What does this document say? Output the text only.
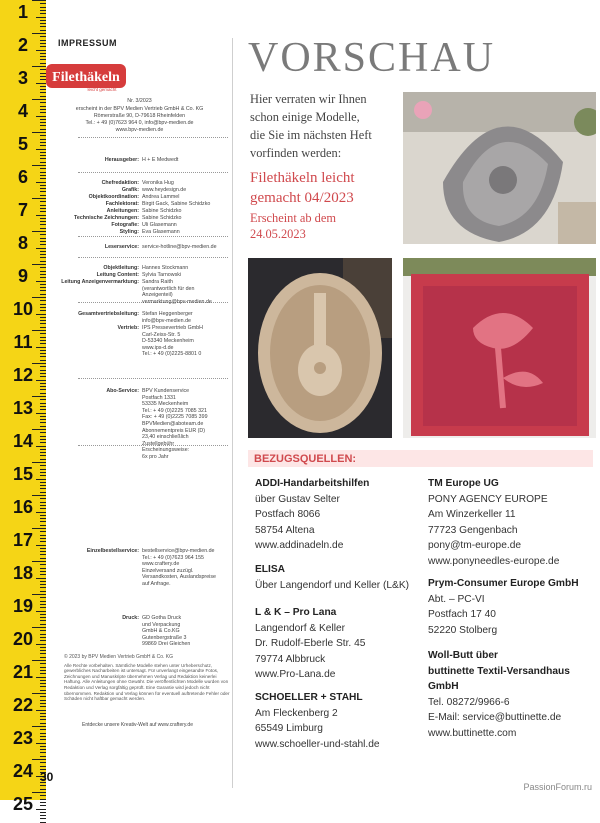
1
2
3
4
5
6
7
8
9
10
11
12
13
14
15
16
17
18
19
20
21
22
23
24
25
IMPRESSUM
Filethäkeln
leicht gemacht
Nr. 3/2023
erscheint in der BPV Medien Vertrieb GmbH & Co. KG
Römerstraße 90, D-79618 Rheinfelden
Tel.: + 49 (0)7623 964 0, info@bpv-medien.de
www.bpv-medien.de
Herausgeber: H + E Medwedt
Chefredaktion: Veronika Hug
Grafik: www.heydesign.de
Objektkoordination: Andrea Lammel
Fachlektorat: Birgit Gack, Sabine Schidzko
Anleitungen: Sabine Schidzko
Technische Zeichnungen: Sabine Schidzko
Fotografie: Uli Glasemann
Styling: Eva Glasemann
Leserservice: service-hotline@bpv-medien.de
Objektleitung: Hannes Stockmann
Leitung Content: Sylvia Tarnowski
Leitung Anzeigenvermarktung: Sandra Raith
(verantwortlich für den
Anzeigenteil)
vermarktung@bpv-medien.de
Gesamtvertriebsleitung: Stefan Heggenberger
info@bpv-medien.de
Vertrieb: IPS Pressevertrieb GmbH
Carl-Zeiss-Str. 5
D-53340 Meckenheim
www.ips-d.de
Tel.: + 49 (0)2225-8801 0
Abo-Service: BPV Kundenservice
Postfach 1331
53335 Meckenheim
Tel.: + 49 (0)2225 7085 321
Fax: + 49 (0)2225 7085 399
BPVMedien@aboteam.de
Abonnementpreis EUR (D)
23,40 einschließlich
Zustellgebühr
Erscheinungsweise:
6x pro Jahr
Einzelbestellservice: bestellservice@bpv-medien.de
Tel.: + 49 (0)7623 964 155
www.craftery.de
Einzelversand zuzügl.
Versandkosten, Auslandspreise
auf Anfrage.
Druck: GD Gotha Druck
und Verpackung
GmbH & Co.KG
Gutenbergstraße 3
99869 Drei Gleichen
© 2023 by BPV Medien Vertrieb GmbH & Co. KG
Alle Rechte vorbehalten. Sämtliche Modelle stehen unter Urheberschutz, gewerbliches Nacharbeiten ist untersagt. Für unverlangt eingesandte Fotos, Zeichnungen und Manuskripte übernehmen Verlag und Redaktion keinerlei Haftung. Alle Anleitungen ohne Gewähr. Die veröffentlichten Modelle wurden von Redaktion und Verlag sorgfältig geprüft. Eine Garantie wird jedoch nicht übernommen. Redaktion und Verlag können für eventuell auftretende Fehler oder Schäden nicht haftbar gemacht werden.
Entdecke unsere Kreativ-Welt auf www.craftery.de
30
VORSCHAU
Hier verraten wir Ihnen
schon einige Modelle,
die Sie im nächsten Heft
vorfinden werden:
Filethäkeln leicht
gemacht 04/2023
Erscheint ab dem
24.05.2023
BEZUGSQUELLEN:
ADDI-Handarbeitshilfen
über Gustav Selter
Postfach 8066
58754 Altena
www.addinadeln.de
ELISA
Über Langendorf und Keller (L&K)
L & K – Pro Lana
Langendorf & Keller
Dr. Rudolf-Eberle Str. 45
79774 Albbruck
www.Pro-Lana.de
SCHOELLER + STAHL
Am Fleckenberg 2
65549 Limburg
www.schoeller-und-stahl.de
TM Europe UG
PONY AGENCY EUROPE
Am Winzerkeller 11
77723 Gengenbach
pony@tm-europe.de
www.ponyneedles-europe.de
Prym-Consumer Europe GmbH
Abt. – PC-VI
Postfach 17 40
52220 Stolberg
Woll-Butt über
buttinette Textil-Versandhaus GmbH
Tel. 08272/9966-6
E-Mail: service@buttinette.de
www.buttinette.com
PassionForum.ru
